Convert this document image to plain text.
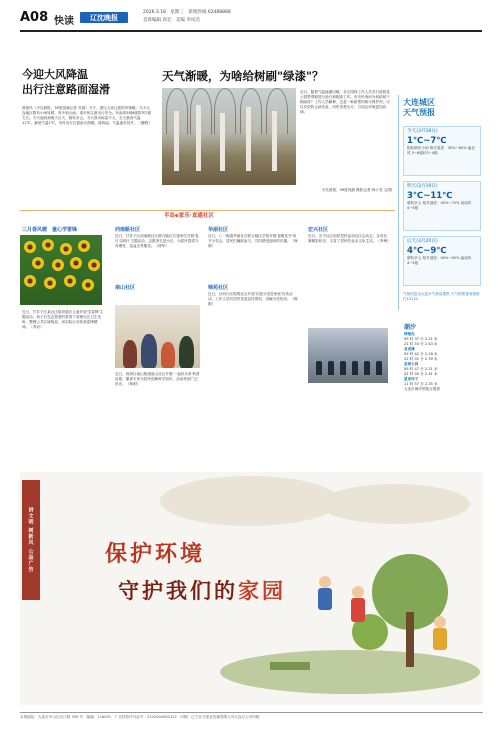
A08 快读	辽沈晚报
2026.3.18　星期三　新闻热线 62488888
首席编辑 高宏　美编 李凤浩
今迎大风降温
出行注意路面湿滑

晨报讯（半岛晨报、39度视频记者 苏禹）今天，建议大家注意防风保暖。今天大连地区阴有小雨转晴，有中到大雨，请市民注意出行安全。东南风5到6级阵风7级左右。今天夜间到明天白天，阴转多云。今天我市雨量不大，全天最高气温11℃，最低气温1℃，市民出行注意添衣保暖。周四起，气温逐步回升。（鹏程）

天气渐暖，为啥给树刷"绿漆"？

近日，随着气温逐渐回暖，各区园林工作人员对行道树及公园景观树进行涂白和刷漆工作。有市民询问为何给树干刷绿漆？工作人员解释，这是一种新型的树木保护剂，可以有效防止病虫害，同时美观大方，与周边环境更加协调。

半岛晨报、39度视频 摄影记者 林小龙 文/图

大连城区
天气预报
今天(3月18日)
1℃~7℃
阴转晴有小雨 相对湿度：30%~80% 偏北风 5~6级转3~4级
明天(3月19日)
3℃~11℃
晴转多云 相对湿度：40%~70% 西南风 4~5级
后天(3月20日)
4℃~9℃
晴转多云 相对湿度：40%~65% 偏南风 4~5级

气象信息由大连市气象局提供 天气预报查询请拨打12121

半岛e家乐·直通社区
三月春风暖　童心学雷锋

近日，甘井子区某社区组织辖区儿童开展'学雷锋'主题活动，孩子们在志愿者的带领下清理社区卫生死角，整理公共区域物品，用实际行动传承雷锋精神。（李岩）

西南路社区

近日，甘井子区西南路社区联合辖区共建单位开展'春日文明行'主题活动，志愿者走进小区，为居民提供义务理发、量血压等服务。（徐华）

南山社区

近日，西岗区南山街道南山社区开展'一起向未来'科普讲座，邀请专家为居民讲解科学知识，活动受到广泛好评。（杨明）

华丽社区

近日，八一街道华丽社区联合辖区学校开展'春暖花开'读书分享会，居民们踊跃参与，共同感受阅读的乐趣。（杨婧）

锦苑社区

近日，沙河口区锦苑社区开展'垃圾分类进家庭'宣传活动，工作人员向居民发放宣传资料，讲解分类知识。（陈刚）

宏兴社区

近日，宏兴社区组织居民参加社区运动会，各项比赛精彩纷呈，丰富了居民的业余文化生活。（李梅）

潮汐
棒棰岛
09 时 37 分 2.21 米
21 时 53 分 2.43 米
老虎滩
09 时 42 分 2.18 米
22 时 01 分 2.39 米
星海公园
09 时 47 分 2.21 米
22 时 05 分 2.41 米
夏家河子
11 时 57 分 2.35 米
大连市海洋预报台提供
讲文明 树新风 公益广告	保护环境
守护我们的家园
本报地址：大连市中山区长江路 399 号　邮编：116001　广告经营许可证号：2102004000122　印刷：辽宁北方报业传媒有限公司大连分公司印刷
